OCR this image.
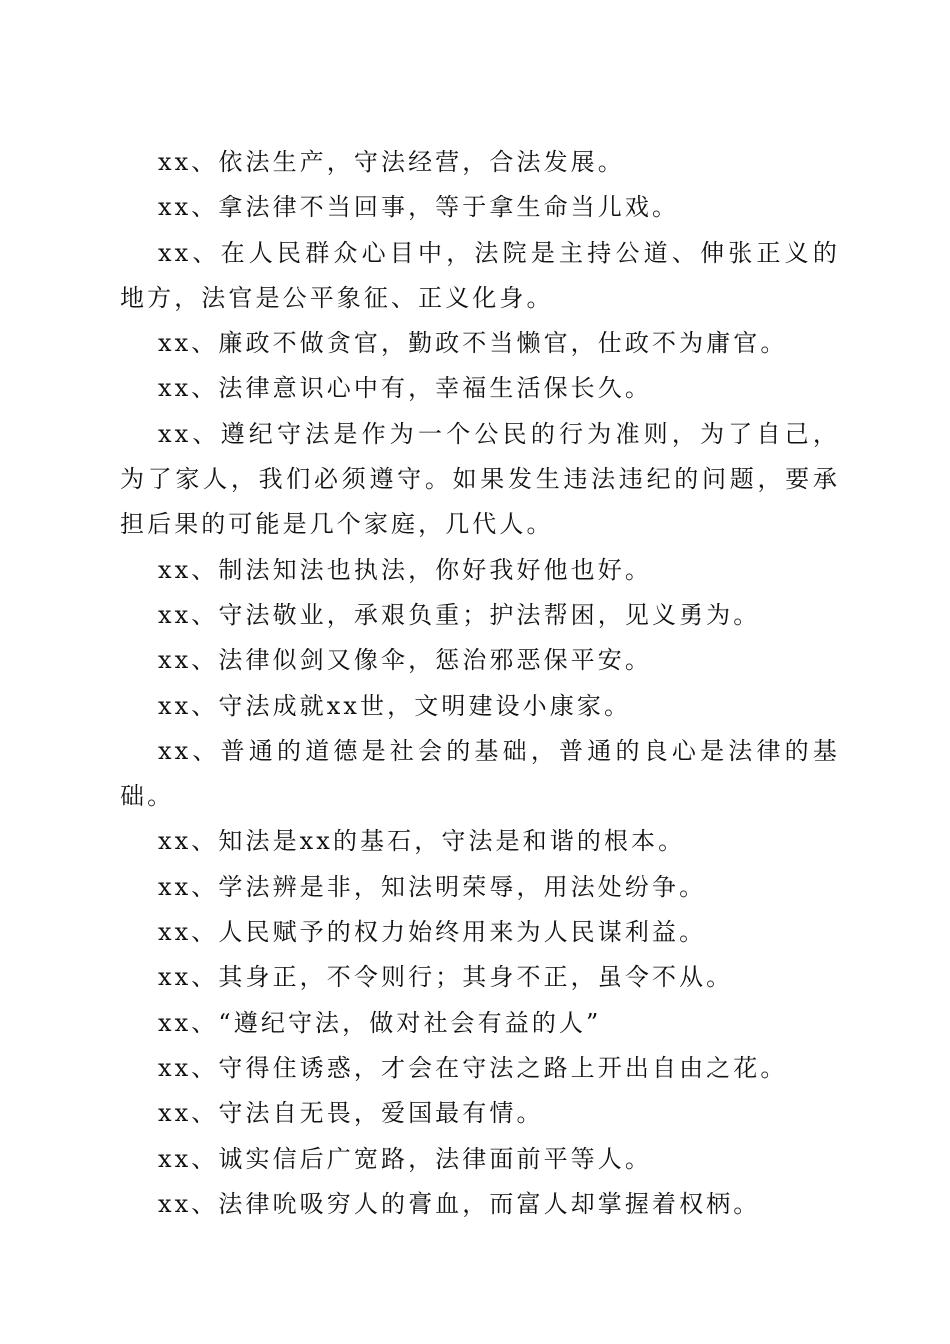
xx、依法生产，守法经营，合法发展。

xx、拿法律不当回事，等于拿生命当儿戏。

xx、在人民群众心目中，法院是主持公道、伸张正义的地方，法官是公平象征、正义化身。

xx、廉政不做贪官，勤政不当懒官，仕政不为庸官。

xx、法律意识心中有，幸福生活保长久。

xx、遵纪守法是作为一个公民的行为准则，为了自己，为了家人，我们必须遵守。如果发生违法违纪的问题，要承担后果的可能是几个家庭，几代人。

xx、制法知法也执法，你好我好他也好。

xx、守法敬业，承艰负重；护法帮困，见义勇为。

xx、法律似剑又像伞，惩治邪恶保平安。

xx、守法成就xx世，文明建设小康家。

xx、普通的道德是社会的基础，普通的良心是法律的基础。

xx、知法是xx的基石，守法是和谐的根本。

xx、学法辨是非，知法明荣辱，用法处纷争。

xx、人民赋予的权力始终用来为人民谋利益。

xx、其身正，不令则行；其身不正，虽令不从。

xx、“遵纪守法，做对社会有益的人”

xx、守得住诱惑，才会在守法之路上开出自由之花。

xx、守法自无畏，爱国最有情。

xx、诚实信后广宽路，法律面前平等人。

xx、法律吮吸穷人的膏血，而富人却掌握着权柄。
